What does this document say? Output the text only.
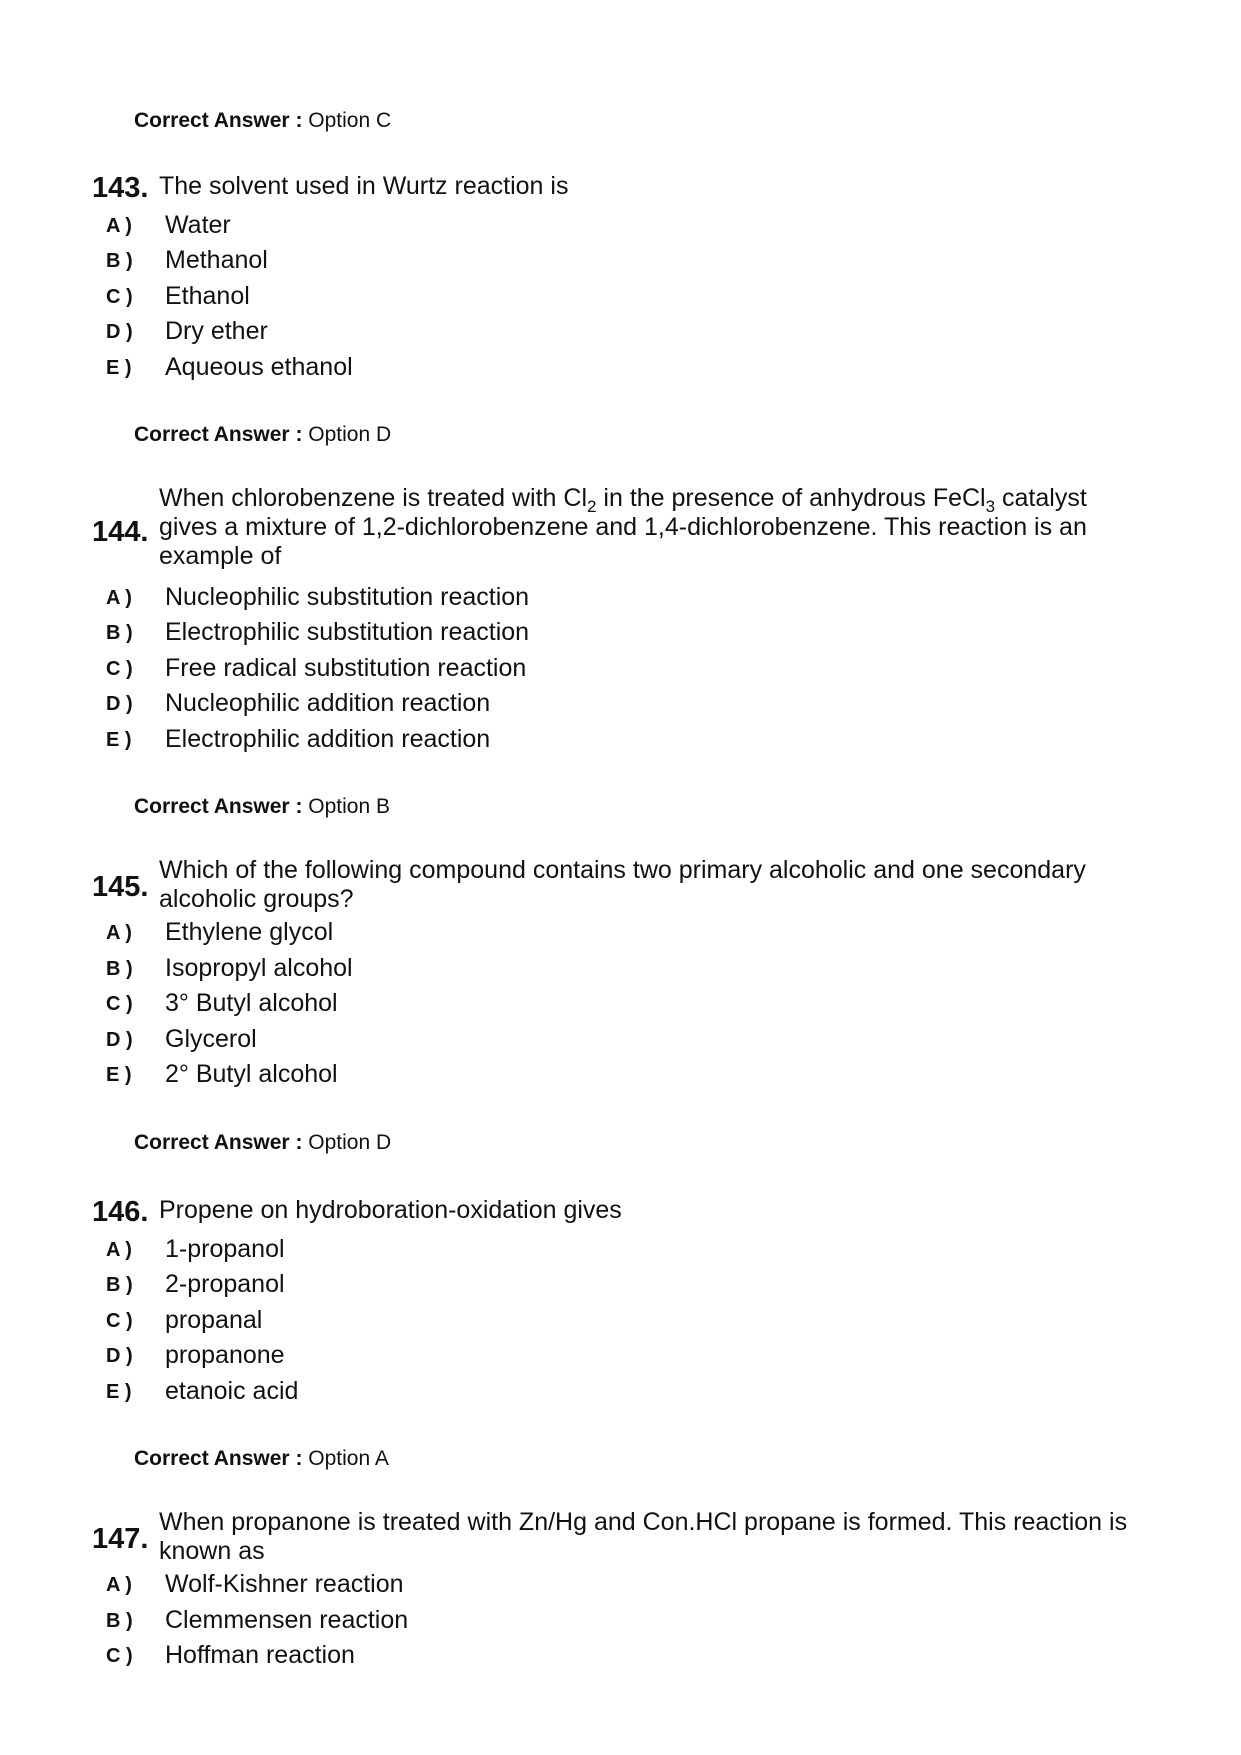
Correct Answer : Option C
143. The solvent used in Wurtz reaction is
A )	Water
B )	Methanol
C )	Ethanol
D )	Dry ether
E )	Aqueous ethanol
Correct Answer : Option D
144.
When chlorobenzene is treated with $Cl_2$ in the presence of anhydrous FeCl$_3$ catalyst
gives a mixture of 1,2-dichlorobenzene and 1,4-dichlorobenzene. This reaction is an
example of
A )	Nucleophilic substitution reaction
B )	Electrophilic substitution reaction
C )	Free radical substitution reaction
D )	Nucleophilic addition reaction
E )	Electrophilic addition reaction
Correct Answer : Option B
145.
Which of the following compound contains two primary alcoholic and one secondary
alcoholic groups?
A )	Ethylene glycol
B )	Isopropyl alcohol
C )	3° Butyl alcohol
D )	Glycerol
E )	2° Butyl alcohol
Correct Answer : Option D
146. Propene on hydroboration-oxidation gives
A )	1-propanol
B )	2-propanol
C )	propanal
D )	propanone
E )	etanoic acid
Correct Answer : Option A
147.
When propanone is treated with Zn/Hg and Con.HCl propane is formed. This reaction is
known as
A )	Wolf-Kishner reaction
B )	Clemmensen reaction
C )	Hoffman reaction
